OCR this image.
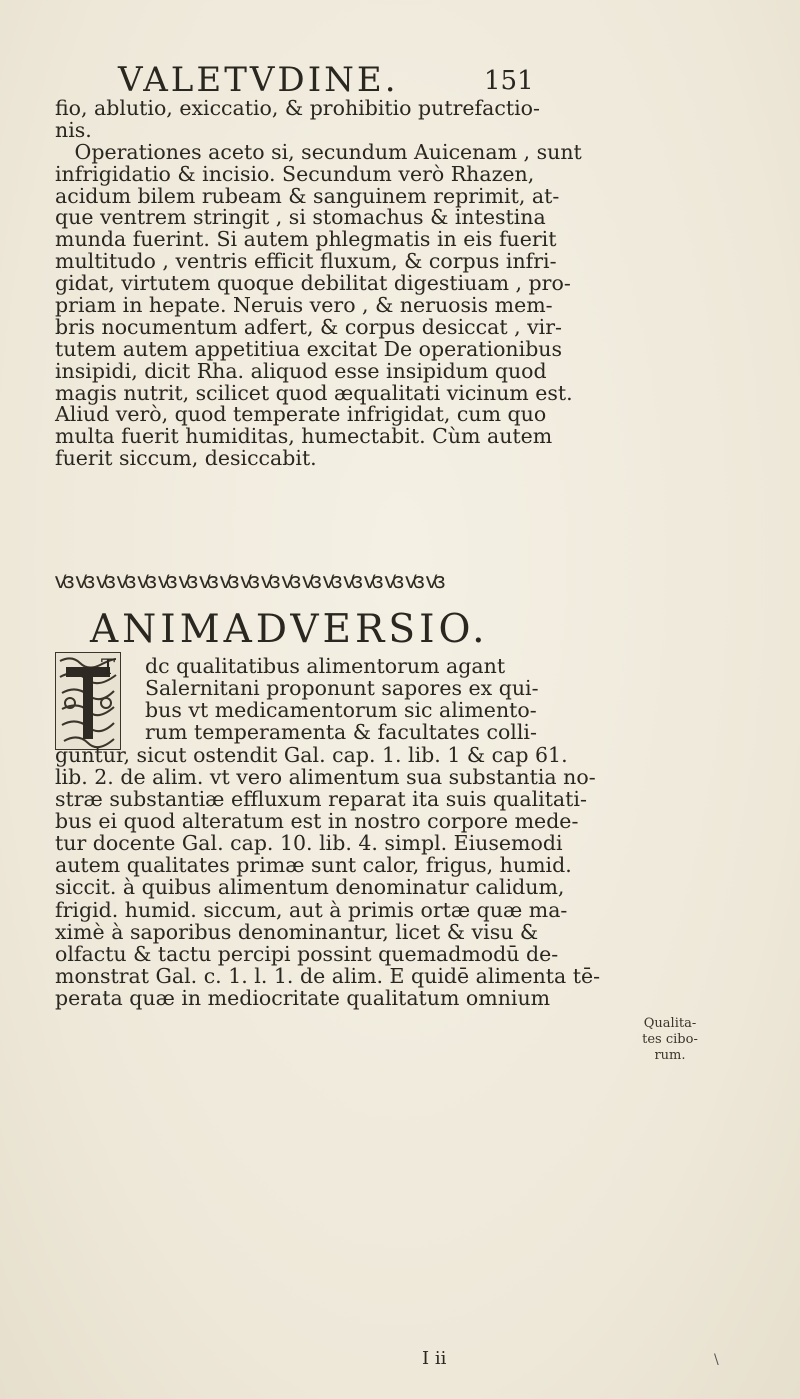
VALETVDINE.	151
fio, ablutio, exiccatio, & prohibitio putrefactio-
nis.
Operationes aceto si, secundum Auicenam , sunt
infrigidatio & incisio. Secundum verò Rhazen,
acidum bilem rubeam & sanguinem reprimit, at-
que ventrem stringit , si stomachus & intestina
munda fuerint. Si autem phlegmatis in eis fuerit
multitudo , ventris efficit fluxum, & corpus infri-
gidat, virtutem quoque debilitat digestiuam , pro-
priam in hepate. Neruis vero , & neruosis mem-
bris nocumentum adfert, & corpus desiccat , vir-
tutem autem appetitiua excitat De operationibus
insipidi, dicit Rha. aliquod esse insipidum quod
magis nutrit, scilicet quod æqualitati vicinum est.
Aliud verò, quod temperate infrigidat, cum quo
multa fuerit humiditas, humectabit. Cùm autem
fuerit siccum, desiccabit.
ꟃꟃꟃꟃꟃꟃꟃꟃꟃꟃꟃꟃꟃꟃꟃꟃꟃꟃꟃ
ANIMADVERSIO.
dc qualitatibus alimentorum agant
Salernitani proponunt sapores ex qui-
bus vt medicamentorum sic alimento-
rum temperamenta & facultates colli-
guntur, sicut ostendit Gal. cap. 1. lib. 1 & cap 61.
lib. 2. de alim. vt vero alimentum sua substantia no-
stræ substantiæ effluxum reparat ita suis qualitati-
bus ei quod alteratum est in nostro corpore mede-
tur docente Gal. cap. 10. lib. 4. simpl. Eiusemodi
autem qualitates primæ sunt calor, frigus, humid.
siccit. à quibus alimentum denominatur calidum,
frigid. humid. siccum, aut à primis ortæ quæ ma-
ximè à saporibus denominantur, licet & visu &
olfactu & tactu percipi possint quemadmodū de-
monstrat Gal. c. 1. l. 1. de alim. E quidē alimenta tē-
perata quæ in mediocritate qualitatum omnium
T
Qualita-
tes cibo-
rum.
I ii	\
